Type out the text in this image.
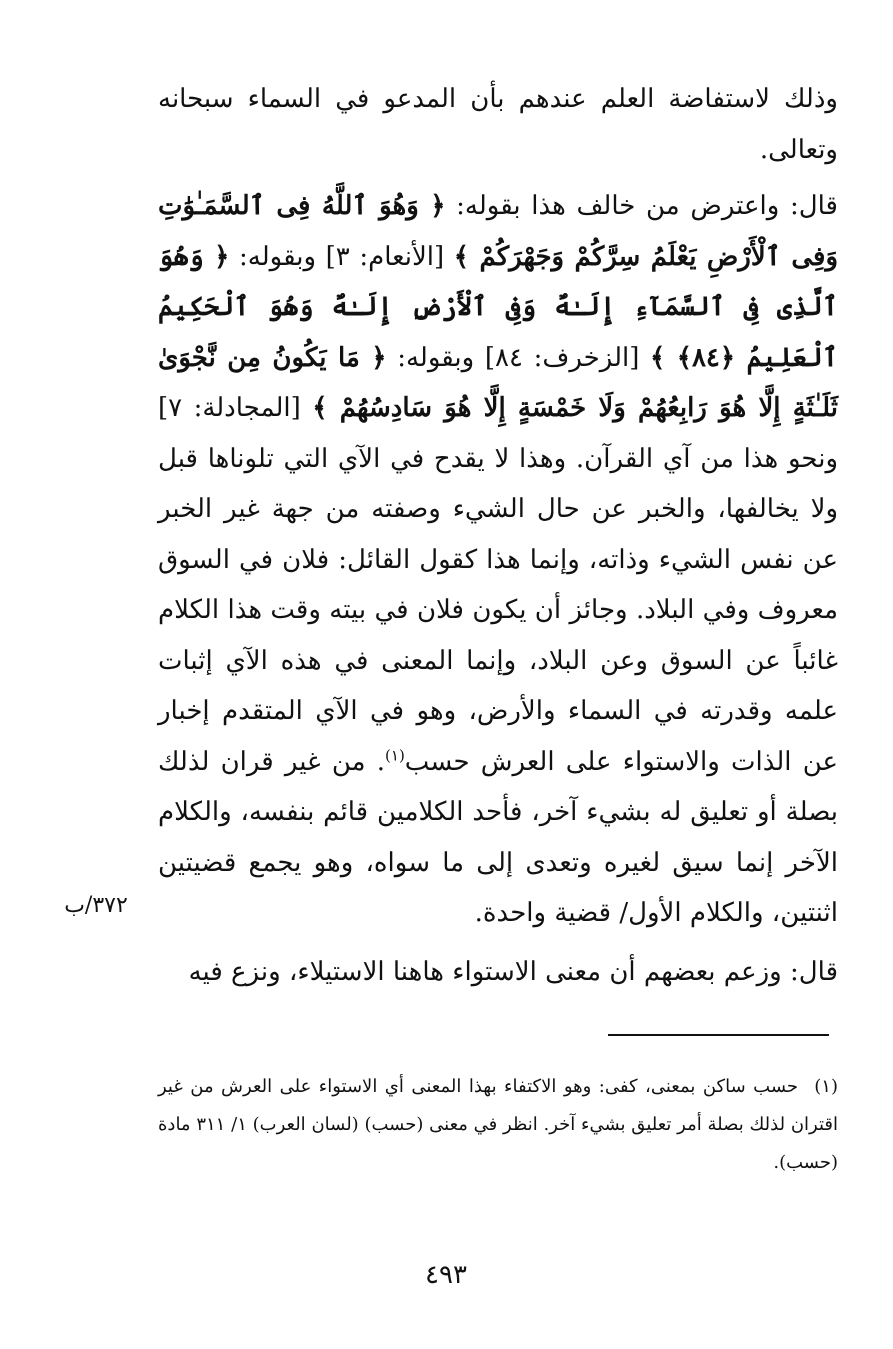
وذلك لاستفاضة العلم عندهم بأن المدعو في السماء سبحانه وتعالى.

قال: واعترض من خالف هذا بقوله: ﴿ وَهُوَ ٱللَّهُ فِى ٱلسَّمَـٰوَٰتِ وَفِى ٱلْأَرْضِ يَعْلَمُ سِرَّكُمْ وَجَهْرَكُمْ ﴾ [الأنعام: ٣] وبقوله: ﴿ وَهُوَ ٱلَّذِى فِى ٱلسَّمَآءِ إِلَـٰهٌ وَفِى ٱلْأَرْضِ إِلَـٰهٌ وَهُوَ ٱلْحَكِيمُ ٱلْعَلِيمُ ﴿٨٤﴾ ﴾ [الزخرف: ٨٤] وبقوله: ﴿ مَا يَكُونُ مِن نَّجْوَىٰ ثَلَـٰثَةٍ إِلَّا هُوَ رَابِعُهُمْ وَلَا خَمْسَةٍ إِلَّا هُوَ سَادِسُهُمْ ﴾ [المجادلة: ٧] ونحو هذا من آي القرآن. وهذا لا يقدح في الآي التي تلوناها قبل ولا يخالفها، والخبر عن حال الشيء وصفته من جهة غير الخبر عن نفس الشيء وذاته، وإنما هذا كقول القائل: فلان في السوق معروف وفي البلاد. وجائز أن يكون فلان في بيته وقت هذا الكلام غائباً عن السوق وعن البلاد، وإنما المعنى في هذه الآي إثبات علمه وقدرته في السماء والأرض، وهو في الآي المتقدم إخبار عن الذات والاستواء على العرش حسب$^{(١)}$. من غير قران لذلك بصلة أو تعليق له بشيء آخر، فأحد الكلامين قائم بنفسه، والكلام الآخر إنما سيق لغيره وتعدى إلى ما سواه، وهو يجمع قضيتين اثنتين، والكلام الأول/ قضية واحدة.

قال: وزعم بعضهم أن معنى الاستواء هاهنا الاستيلاء، ونزع فيه

٣٧٢/ب
(١)حسب ساكن بمعنى، كفى: وهو الاكتفاء بهذا المعنى أي الاستواء على العرش من غير اقتران لذلك بصلة أمر تعليق بشيء آخر. انظر في معنى (حسب) (لسان العرب) ١/ ٣١١ مادة (حسب).
٤٩٣
